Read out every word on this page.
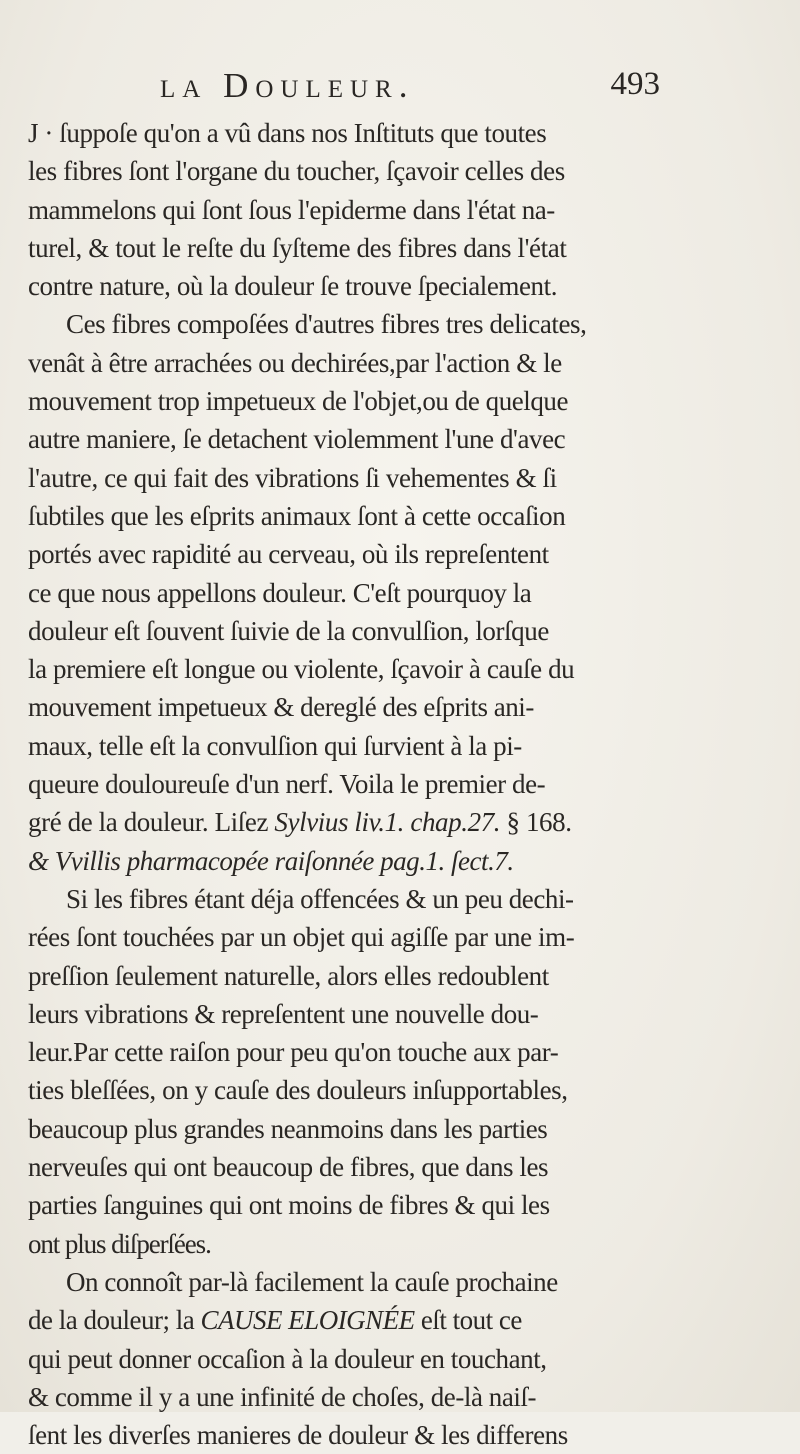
la Douleur.	493
J · ſuppoſe qu'on a vû dans nos Inſtituts que toutes
les fibres ſont l'organe du toucher, ſçavoir celles des
mammelons qui ſont ſous l'epiderme dans l'état na-
turel, & tout le reſte du ſyſteme des fibres dans l'état
contre nature, où la douleur ſe trouve ſpecialement.
Ces fibres compoſées d'autres fibres tres delicates,
venât à être arrachées ou dechirées,par l'action & le
mouvement trop impetueux de l'objet,ou de quelque
autre maniere, ſe detachent violemment l'une d'avec
l'autre, ce qui fait des vibrations ſi vehementes & ſi
ſubtiles que les eſprits animaux ſont à cette occaſion
portés avec rapidité au cerveau, où ils repreſentent
ce que nous appellons douleur. C'eſt pourquoy la
douleur eſt ſouvent ſuivie de la convulſion, lorſque
la premiere eſt longue ou violente, ſçavoir à cauſe du
mouvement impetueux & dereglé des eſprits ani-
maux, telle eſt la convulſion qui ſurvient à la pi-
queure douloureuſe d'un nerf. Voila le premier de-
gré de la douleur. Liſez Sylvius liv.1. chap.27. § 168.
& Vvillis pharmacopée raiſonnée pag.1. ſect.7.
Si les fibres étant déja offencées & un peu dechi-
rées ſont touchées par un objet qui agiſſe par une im-
preſſion ſeulement naturelle, alors elles redoublent
leurs vibrations & repreſentent une nouvelle dou-
leur.Par cette raiſon pour peu qu'on touche aux par-
ties bleſſées, on y cauſe des douleurs inſupportables,
beaucoup plus grandes neanmoins dans les parties
nerveuſes qui ont beaucoup de fibres, que dans les
parties ſanguines qui ont moins de fibres & qui les
ont plus diſperſées.
On connoît par-là facilement la cauſe prochaine
de la douleur; la CAUSE ELOIGNÉE eſt tout ce
qui peut donner occaſion à la douleur en touchant,
& comme il y a une infinité de choſes, de-là naiſ-
ſent les diverſes manieres de douleur & les differens
